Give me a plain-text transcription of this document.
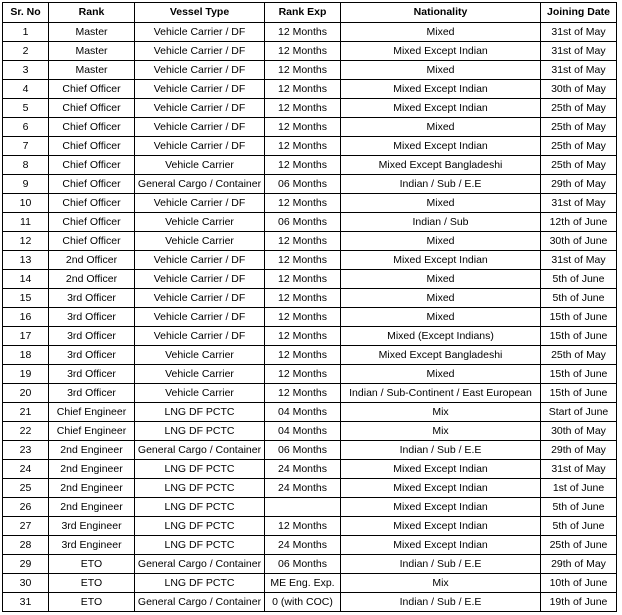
Sr. No	Rank	Vessel Type	Rank Exp	Nationality	Joining Date
1	Master	Vehicle Carrier / DF	12 Months	Mixed	31st of May
2	Master	Vehicle Carrier / DF	12 Months	Mixed Except Indian	31st of May
3	Master	Vehicle Carrier / DF	12 Months	Mixed	31st of May
4	Chief Officer	Vehicle Carrier / DF	12 Months	Mixed Except Indian	30th of May
5	Chief Officer	Vehicle Carrier / DF	12 Months	Mixed Except Indian	25th of May
6	Chief Officer	Vehicle Carrier / DF	12 Months	Mixed	25th of May
7	Chief Officer	Vehicle Carrier / DF	12 Months	Mixed Except Indian	25th of May
8	Chief Officer	Vehicle Carrier	12 Months	Mixed Except Bangladeshi	25th of May
9	Chief Officer	General Cargo / Container	06 Months	Indian / Sub / E.E	29th of May
10	Chief Officer	Vehicle Carrier / DF	12 Months	Mixed	31st of May
11	Chief Officer	Vehicle Carrier	06 Months	Indian / Sub	12th of June
12	Chief Officer	Vehicle Carrier	12 Months	Mixed	30th of June
13	2nd Officer	Vehicle Carrier / DF	12 Months	Mixed Except Indian	31st of May
14	2nd Officer	Vehicle Carrier / DF	12 Months	Mixed	5th of June
15	3rd Officer	Vehicle Carrier / DF	12 Months	Mixed	5th of June
16	3rd Officer	Vehicle Carrier / DF	12 Months	Mixed	15th of June
17	3rd Officer	Vehicle Carrier / DF	12 Months	Mixed (Except Indians)	15th of June
18	3rd Officer	Vehicle Carrier	12 Months	Mixed Except Bangladeshi	25th of May
19	3rd Officer	Vehicle Carrier	12 Months	Mixed	15th of June
20	3rd Officer	Vehicle Carrier	12 Months	Indian / Sub-Continent / East European	15th of June
21	Chief Engineer	LNG DF PCTC	04 Months	Mix	Start of June
22	Chief Engineer	LNG DF PCTC	04 Months	Mix	30th of May
23	2nd Engineer	General Cargo / Container	06 Months	Indian / Sub / E.E	29th of May
24	2nd Engineer	LNG DF PCTC	24 Months	Mixed Except Indian	31st of May
25	2nd Engineer	LNG DF PCTC	24 Months	Mixed Except Indian	1st of June
26	2nd Engineer	LNG DF PCTC		Mixed Except Indian	5th of June
27	3rd Engineer	LNG DF PCTC	12 Months	Mixed Except Indian	5th of June
28	3rd Engineer	LNG DF PCTC	24 Months	Mixed Except Indian	25th of June
29	ETO	General Cargo / Container	06 Months	Indian / Sub / E.E	29th of May
30	ETO	LNG DF PCTC	ME Eng. Exp.	Mix	10th of June
31	ETO	General Cargo / Container	0 (with COC)	Indian / Sub / E.E	19th of June
